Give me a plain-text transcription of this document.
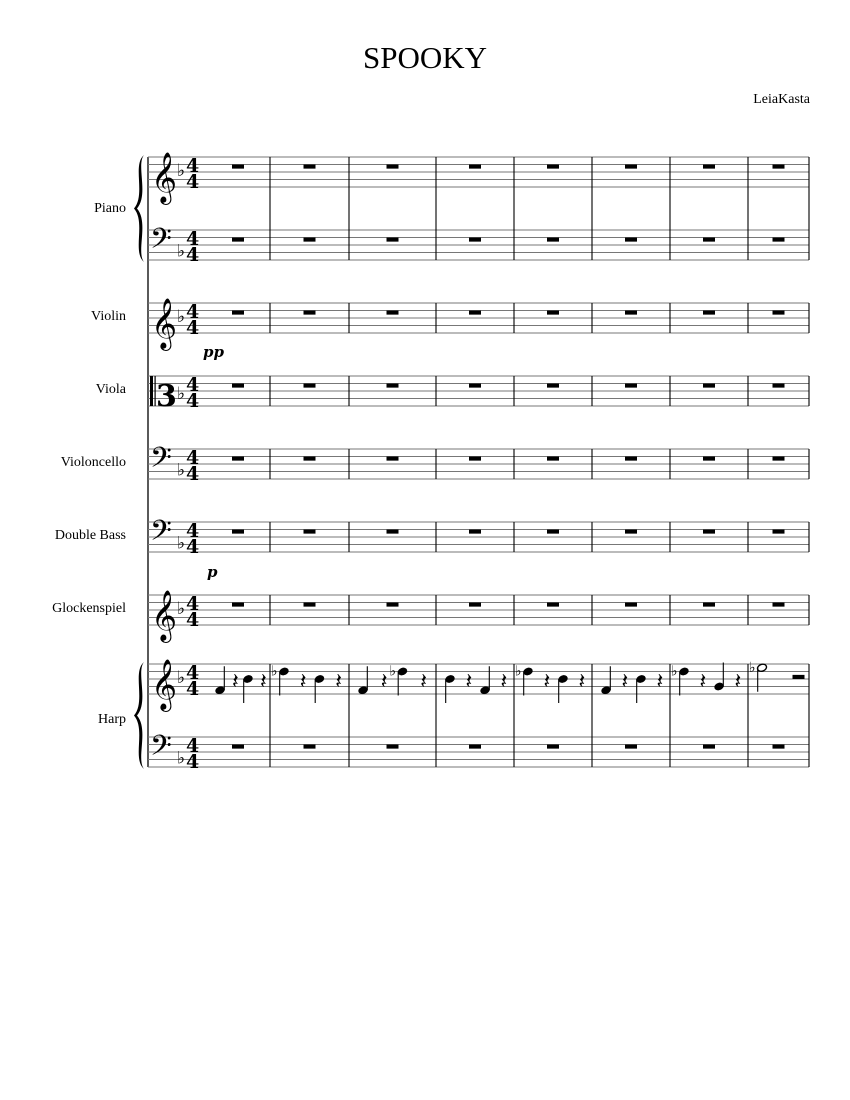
SPOOKY
LeiaKasta
Piano
Violin
Viola
Violoncello
Double Bass
Glockenspiel
Harp
𝄞 ♭ 4
4
𝄢 ♭
4
4
𝄞 ♭ 4
4
3 ♭ 4
4
pp
𝄢 ♭
4
4
𝄢 ♭
4
4
𝄞 ♭ 4
4
p
𝄞 ♭ 4
4 𝄽 𝄽 ♭ 𝄽 𝄽 𝄽 ♭ 𝄽 𝄽 𝄽 ♭ 𝄽 𝄽 𝄽 𝄽 ♭ 𝄽 𝄽
♭
𝄢 ♭
4
4
